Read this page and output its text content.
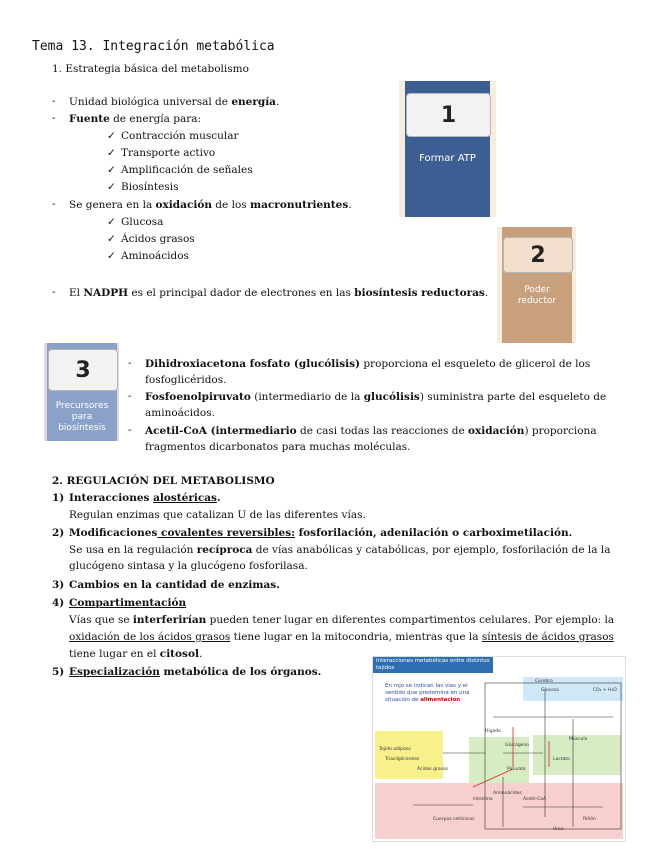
Tema 13. Integración metabólica
1. Estrategia básica del metabolismo
- Unidad biológica universal de energía.
- Fuente de energía para:
✓ Contracción muscular
✓ Transporte activo
✓ Amplificación de señales
✓ Biosíntesis
- Se genera en la oxidación de los macronutrientes.
✓ Glucosa
✓ Ácidos grasos
✓ Aminoácidos
- El NADPH es el principal dador de electrones en las biosíntesis reductoras.
1
Formar ATP
2
Poder reductor
3
Precursores para biosíntesis
- Dihidroxiacetona fosfato (glucólisis) proporciona el esqueleto de glicerol de los
fosfoglicéridos.
- Fosfoenolpiruvato (intermediario de la glucólisis) suministra parte del esqueleto de
aminoácidos.
- Acetil-CoA (intermediario de casi todas las reacciones de oxidación) proporciona
fragmentos dicarbonatos para muchas moléculas.
2. REGULACIÓN DEL METABOLISMO
1) Interacciones alostéricas.
Regulan enzimas que catalizan U de las diferentes vías.
2) Modificaciones covalentes reversibles: fosforilación, adenilación o carboximetilación.
Se usa en la regulación recíproca de vías anabólicas y catabólicas, por ejemplo, fosforilación de la la
glucógeno sintasa y la glucógeno fosforilasa.
3) Cambios en la cantidad de enzimas.
4) Compartimentación
Vías que se interferirían pueden tener lugar en diferentes compartimentos celulares. Por ejemplo: la
oxidación de los ácidos grasos tiene lugar en la mitocondria, mientras que la síntesis de ácidos grasos
tiene lugar en el citosol.
5) Especialización metabólica de los órganos.
Interacciones metabólicas entre distintos tejidos
En rojo se indican las vías y el sentido que predomina en una situación de alimentación
Cerebro
Glucosa	CO₂ + H₂O
Músculo
Tejido adiposo
Hígado
Glucógeno
Triacilgliceroles
Ácidos grasos	Piruvato
Lactato
Aminoácidos
Acetil-CoA
Urea
Cuerpos cetónicos
Intestino
Riñón
